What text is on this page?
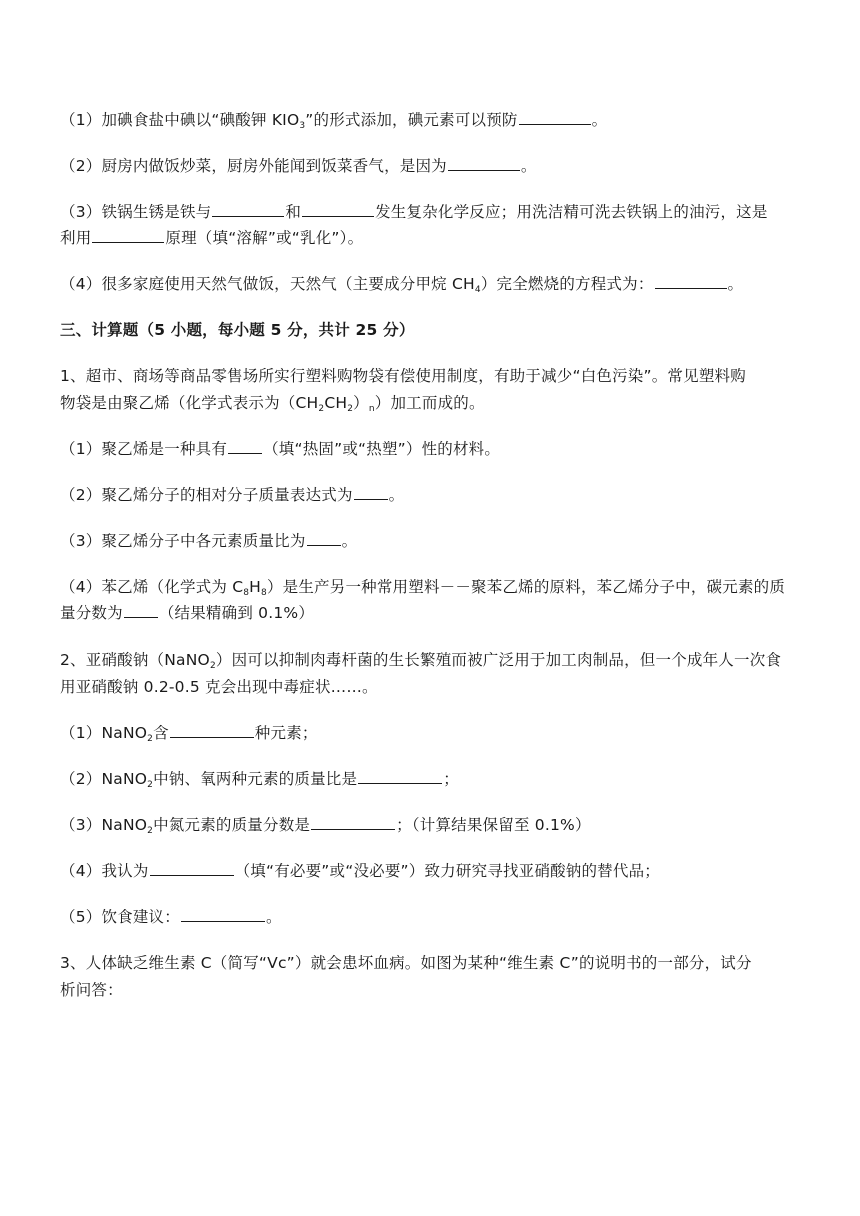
（1）加碘食盐中碘以“碘酸钾 $KIO_3$”的形式添加，碘元素可以预防	。
（2）厨房内做饭炒菜，厨房外能闻到饭菜香气，是因为	。
（3）铁锅生锈是铁与	和	发生复杂化学反应；用洗洁精可洗去铁锅上的油污，这是
利用	原理（填“溶解”或“乳化”）。
（4）很多家庭使用天然气做饭，天然气（主要成分甲烷 $CH_4$）完全燃烧的方程式为：	。
三、计算题（5 小题，每小题 5 分，共计 25 分）
1、超市、商场等商品零售场所实行塑料购物袋有偿使用制度，有助于减少“白色污染”。常见塑料购
物袋是由聚乙烯（化学式表示为$(CH_2CH_2)_n$）加工而成的。
（1）聚乙烯是一种具有 （填“热固”或“热塑”）性的材料。
（2）聚乙烯分子的相对分子质量表达式为 。
（3）聚乙烯分子中各元素质量比为 。
（4）苯乙烯（化学式为 $C_8H_8$）是生产另一种常用塑料－－聚苯乙烯的原料，苯乙烯分子中，碳元素的质
量分数为 （结果精确到 0.1%）
2、亚硝酸钠（NaNO$_2$）因可以抑制肉毒杆菌的生长繁殖而被广泛用于加工肉制品，但一个成年人一次食
用亚硝酸钠 0.2-0.5 克会出现中毒症状……。
（1）NaNO$_2$含	种元素；
（2）NaNO$_2$中钠、氧两种元素的质量比是	；
（3）NaNO$_2$中氮元素的质量分数是	；（计算结果保留至 0.1%）
（4）我认为	（填“有必要”或“没必要”）致力研究寻找亚硝酸钠的替代品；
（5）饮食建议：	。
3、人体缺乏维生素 C（简写“Vc”）就会患坏血病。如图为某种“维生素 C”的说明书的一部分，试分
析问答：
